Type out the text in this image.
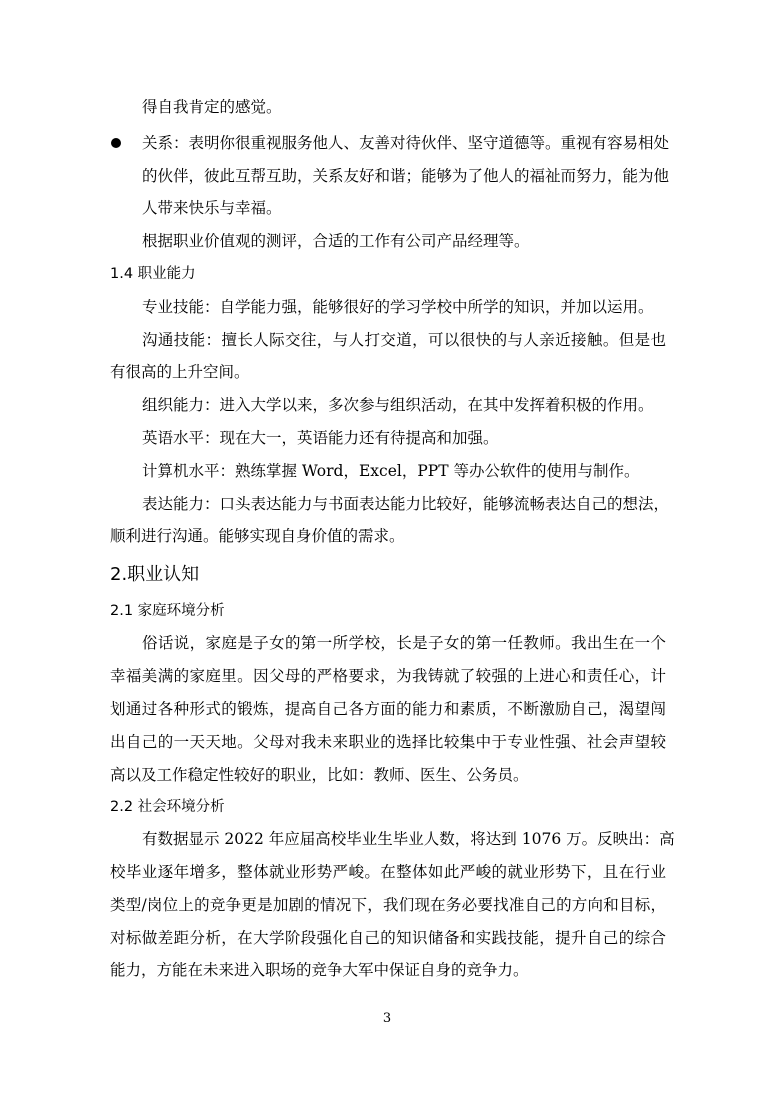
得自我肯定的感觉。
关系：表明你很重视服务他人、友善对待伙伴、坚守道德等。重视有容易相处
的伙伴，彼此互帮互助，关系友好和谐；能够为了他人的福祉而努力，能为他
人带来快乐与幸福。
根据职业价值观的测评，合适的工作有公司产品经理等。
1.4 职业能力
专业技能：自学能力强，能够很好的学习学校中所学的知识，并加以运用。
沟通技能：擅长人际交往，与人打交道，可以很快的与人亲近接触。但是也
有很高的上升空间。
组织能力：进入大学以来，多次参与组织活动，在其中发挥着积极的作用。
英语水平：现在大一，英语能力还有待提高和加强。
计算机水平：熟练掌握 Word，Excel，PPT 等办公软件的使用与制作。
表达能力：口头表达能力与书面表达能力比较好，能够流畅表达自己的想法，
顺利进行沟通。能够实现自身价值的需求。
2.职业认知
2.1 家庭环境分析
俗话说，家庭是子女的第一所学校，长是子女的第一任教师。我出生在一个
幸福美满的家庭里。因父母的严格要求，为我铸就了较强的上进心和责任心，计
划通过各种形式的锻炼，提高自己各方面的能力和素质，不断激励自己，渴望闯
出自己的一天天地。父母对我未来职业的选择比较集中于专业性强、社会声望较
高以及工作稳定性较好的职业，比如：教师、医生、公务员。
2.2 社会环境分析
有数据显示 2022 年应届高校毕业生毕业人数，将达到 1076 万。反映出：高
校毕业逐年增多，整体就业形势严峻。在整体如此严峻的就业形势下，且在行业
类型/岗位上的竞争更是加剧的情况下，我们现在务必要找准自己的方向和目标，
对标做差距分析，在大学阶段强化自己的知识储备和实践技能，提升自己的综合
能力，方能在未来进入职场的竞争大军中保证自身的竞争力。
3
